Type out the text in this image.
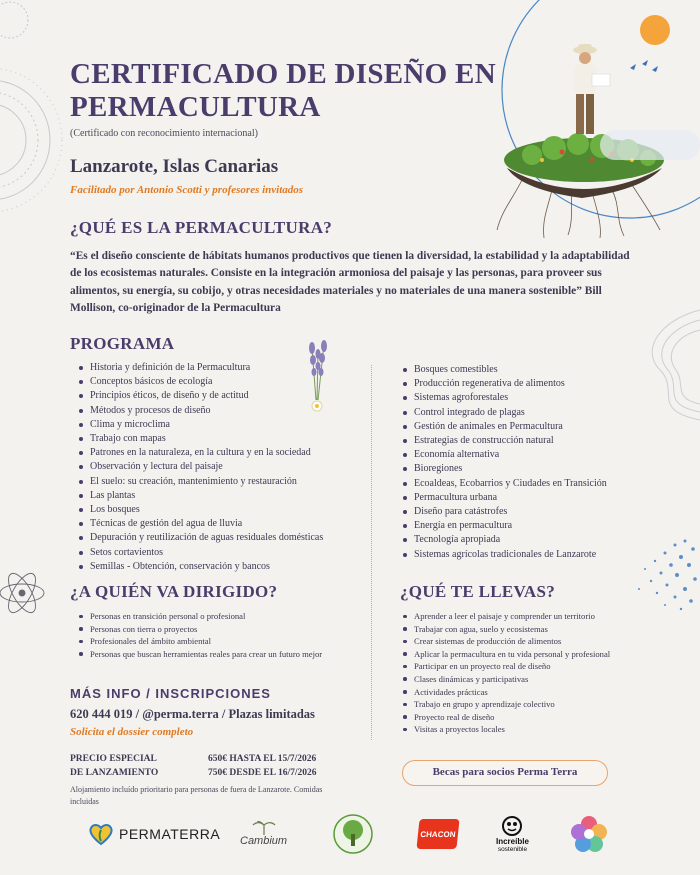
CERTIFICADO DE DISEÑO EN PERMACULTURA
(Certificado con reconocimiento internacional)
Lanzarote, Islas Canarias
Facilitado por Antonio Scotti y profesores invitados
¿QUÉ ES LA PERMACULTURA?

“Es el diseño consciente de hábitats humanos productivos que tienen la diversidad, la estabilidad y la adaptabilidad de los ecosistemas naturales. Consiste en la integración armoniosa del paisaje y las personas, para proveer sus alimentos, su energía, su cobijo, y otras necesidades materiales y no materiales de una manera sostenible” Bill Mollison, co-originador de la Permacultura

PROGRAMA
Historia y definición de la Permacultura
Conceptos básicos de ecología
Principios éticos, de diseño y de actitud
Métodos y procesos de diseño
Clima y microclima
Trabajo con mapas
Patrones en la naturaleza, en la cultura y en la sociedad
Observación y lectura del paisaje
El suelo: su creación, mantenimiento y restauración
Las plantas
Los bosques
Técnicas de gestión del agua de lluvia
Depuración y reutilización de aguas residuales domésticas
Setos cortavientos
Semillas - Obtención, conservación y bancos
Bosques comestibles
Producción regenerativa de alimentos
Sistemas agroforestales
Control integrado de plagas
Gestión de animales en Permacultura
Estrategias de construcción natural
Economía alternativa
Bioregiones
Ecoaldeas, Ecobarrios y Ciudades en Transición
Permacultura urbana
Diseño para catástrofes
Energía en permacultura
Tecnología apropiada
Sistemas agrícolas tradicionales de Lanzarote
¿A QUIÉN VA DIRIGIDO?
Personas en transición personal o profesional
Personas con tierra o proyectos
Profesionales del ámbito ambiental
Personas que buscan herramientas reales para crear un futuro mejor
¿QUÉ TE LLEVAS?
Aprender a leer el paisaje y comprender un territorio
Trabajar con agua, suelo y ecosistemas
Crear sistemas de producción de alimentos
Aplicar la permacultura en tu vida personal y profesional
Participar en un proyecto real de diseño
Clases dinámicas y participativas
Actividades prácticas
Trabajo en grupo y aprendizaje colectivo
Proyecto real de diseño
Visitas a proyectos locales
MÁS INFO / INSCRIPCIONES
620 444 019 / @perma.terra / Plazas limitadas
Solicita el dossier completo
PRECIO ESPECIAL
DE LANZAMIENTO
650€ HASTA EL 15/7/2026
750€ DESDE EL 16/7/2026
Alojamiento incluído prioritario para personas de fuera de Lanzarote. Comidas incluidas
Becas para socios Perma Terra
PERMATERRA Cambium
CHACON
Increíble
sostenible
